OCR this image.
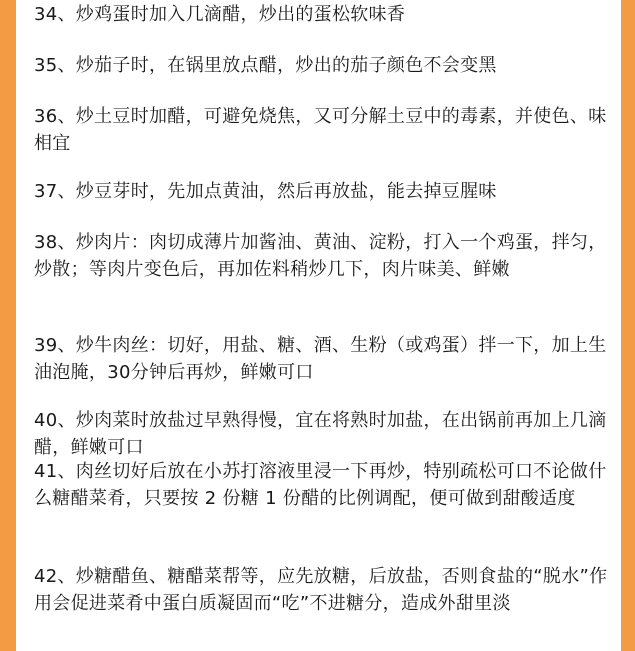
34、炒鸡蛋时加入几滴醋，炒出的蛋松软味香

35、炒茄子时，在锅里放点醋，炒出的茄子颜色不会变黑

36、炒土豆时加醋，可避免烧焦，又可分解土豆中的毒素，并使色、味相宜

37、炒豆芽时，先加点黄油，然后再放盐，能去掉豆腥味

38、炒肉片：肉切成薄片加酱油、黄油、淀粉，打入一个鸡蛋，拌匀，炒散；等肉片变色后，再加佐料稍炒几下，肉片味美、鲜嫩

39、炒牛肉丝：切好，用盐、糖、酒、生粉（或鸡蛋）拌一下，加上生油泡腌，30分钟后再炒，鲜嫩可口

40、炒肉菜时放盐过早熟得慢，宜在将熟时加盐，在出锅前再加上几滴醋，鲜嫩可口

41、肉丝切好后放在小苏打溶液里浸一下再炒，特别疏松可口不论做什么糖醋菜肴，只要按 2 份糖 1 份醋的比例调配，便可做到甜酸适度

42、炒糖醋鱼、糖醋菜帮等，应先放糖，后放盐，否则食盐的“脱水”作用会促进菜肴中蛋白质凝固而“吃”不进糖分，造成外甜里淡
